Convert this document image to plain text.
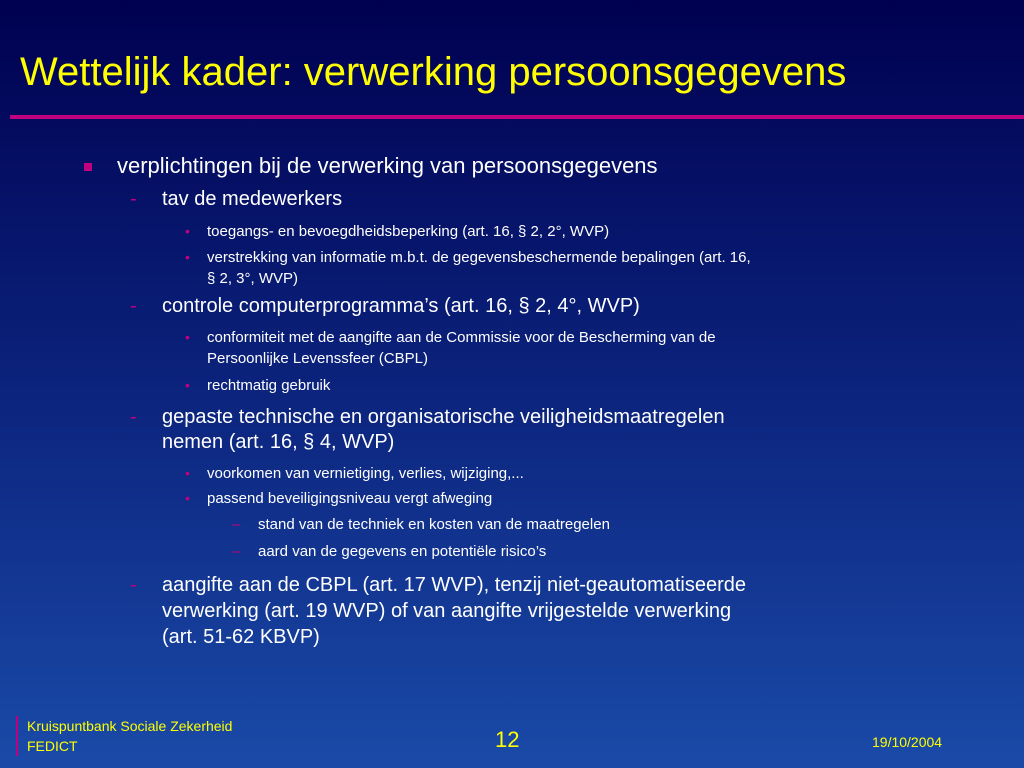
Wettelijk kader: verwerking persoonsgegevens
verplichtingen bij de verwerking van persoonsgegevens
- tav de medewerkers
• toegangs- en bevoegdheidsbeperking (art. 16, § 2, 2°, WVP)
• verstrekking van informatie m.b.t. de gegevensbeschermende bepalingen (art. 16,
§ 2, 3°, WVP)
- controle computerprogramma’s (art. 16, § 2, 4°, WVP)
• conformiteit met de aangifte aan de Commissie voor de Bescherming van de
Persoonlijke Levenssfeer (CBPL)
• rechtmatig gebruik
- gepaste technische en organisatorische veiligheidsmaatregelen
nemen (art. 16, § 4, WVP)
• voorkomen van vernietiging, verlies, wijziging,...
• passend beveiligingsniveau vergt afweging
– stand van de techniek en kosten van de maatregelen
– aard van de gegevens en potentiële risico’s
- aangifte aan de CBPL (art. 17 WVP), tenzij niet-geautomatiseerde
verwerking (art. 19 WVP) of van aangifte vrijgestelde verwerking
(art. 51-62 KBVP)
Kruispuntbank Sociale Zekerheid
FEDICT	12	19/10/2004
